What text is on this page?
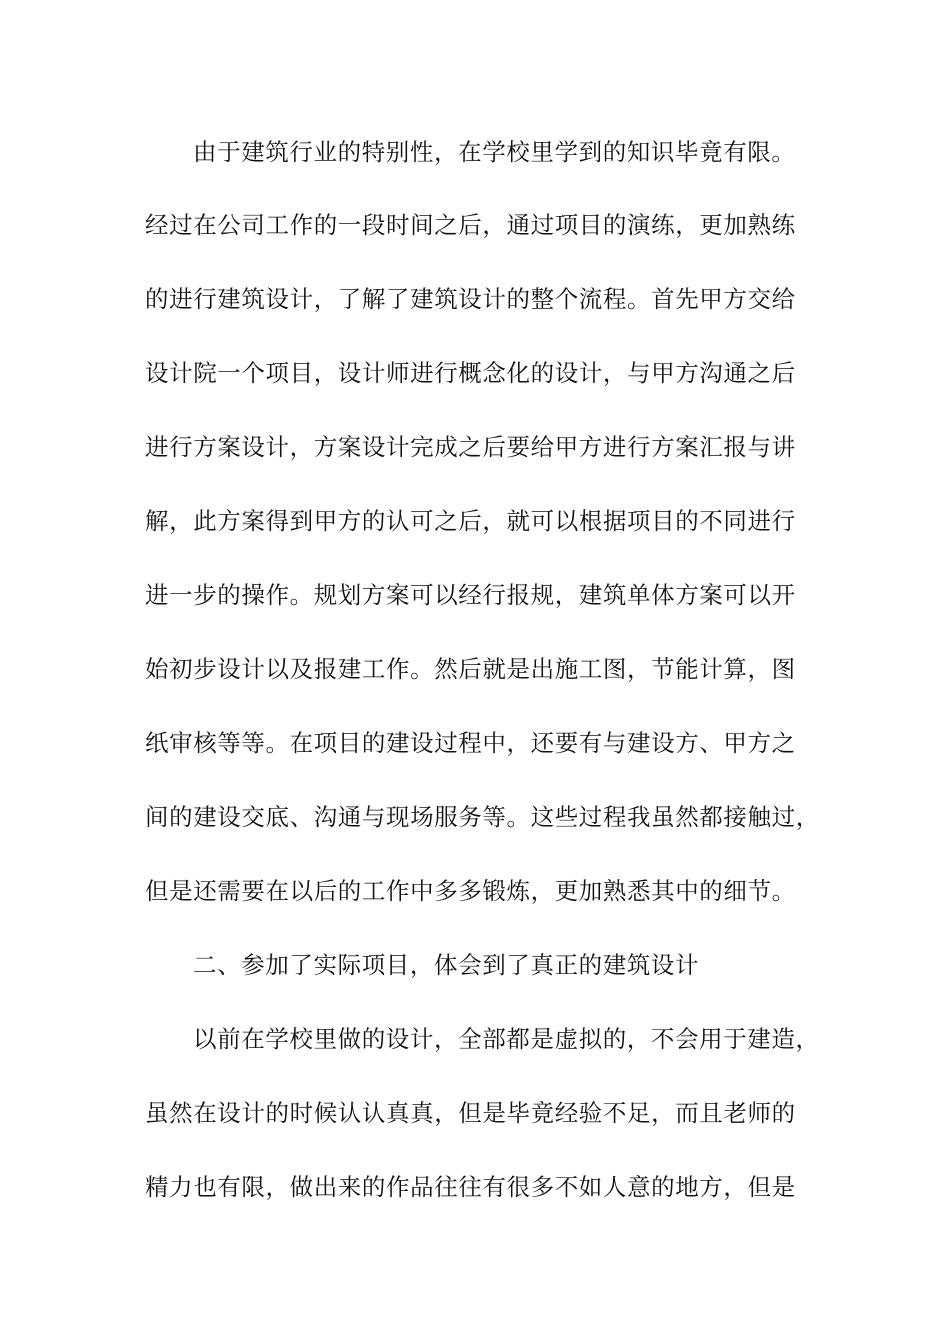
由于建筑行业的特别性，在学校里学到的知识毕竟有限。
经过在公司工作的一段时间之后，通过项目的演练，更加熟练
的进行建筑设计，了解了建筑设计的整个流程。首先甲方交给
设计院一个项目，设计师进行概念化的设计，与甲方沟通之后
进行方案设计，方案设计完成之后要给甲方进行方案汇报与讲
解，此方案得到甲方的认可之后，就可以根据项目的不同进行
进一步的操作。规划方案可以经行报规，建筑单体方案可以开
始初步设计以及报建工作。然后就是出施工图，节能计算，图
纸审核等等。在项目的建设过程中，还要有与建设方、甲方之
间的建设交底、沟通与现场服务等。这些过程我虽然都接触过，
但是还需要在以后的工作中多多锻炼，更加熟悉其中的细节。
二、参加了实际项目，体会到了真正的建筑设计
以前在学校里做的设计，全部都是虚拟的，不会用于建造，
虽然在设计的时候认认真真，但是毕竟经验不足，而且老师的
精力也有限，做出来的作品往往有很多不如人意的地方，但是
